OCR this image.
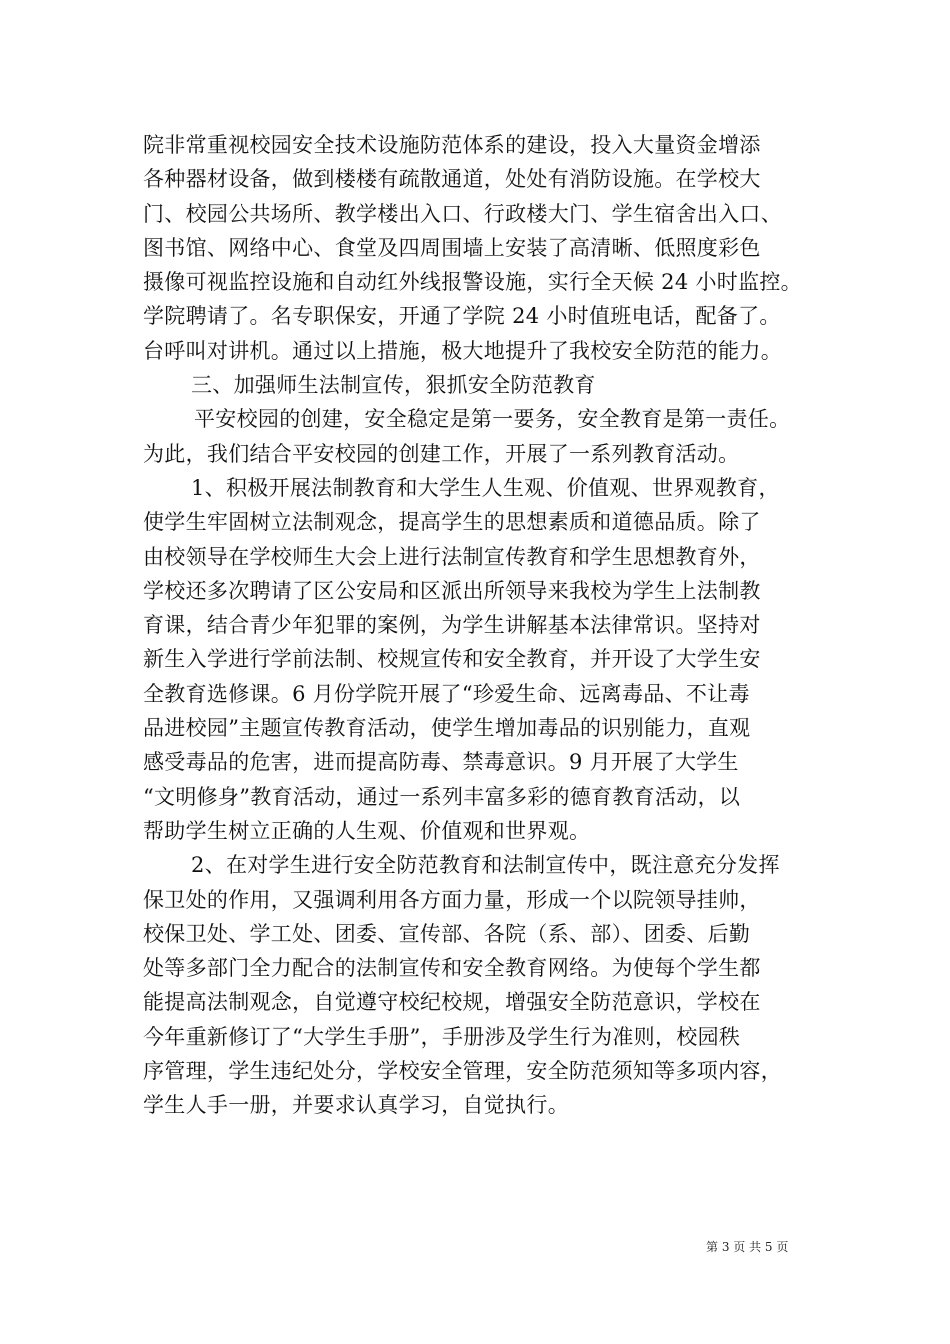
院非常重视校园安全技术设施防范体系的建设，投入大量资金增添
各种器材设备，做到楼楼有疏散通道，处处有消防设施。在学校大
门、校园公共场所、教学楼出入口、行政楼大门、学生宿舍出入口、
图书馆、网络中心、食堂及四周围墙上安装了高清晰、低照度彩色
摄像可视监控设施和自动红外线报警设施，实行全天候 24 小时监控。
学院聘请了。名专职保安，开通了学院 24 小时值班电话，配备了。
台呼叫对讲机。通过以上措施，极大地提升了我校安全防范的能力。
三、加强师生法制宣传，狠抓安全防范教育
平安校园的创建，安全稳定是第一要务，安全教育是第一责任。
为此，我们结合平安校园的创建工作，开展了一系列教育活动。
1、积极开展法制教育和大学生人生观、价值观、世界观教育，
使学生牢固树立法制观念，提高学生的思想素质和道德品质。除了
由校领导在学校师生大会上进行法制宣传教育和学生思想教育外，
学校还多次聘请了区公安局和区派出所领导来我校为学生上法制教
育课，结合青少年犯罪的案例，为学生讲解基本法律常识。坚持对
新生入学进行学前法制、校规宣传和安全教育，并开设了大学生安
全教育选修课。6 月份学院开展了“珍爱生命、远离毒品、不让毒
品进校园”主题宣传教育活动，使学生增加毒品的识别能力，直观
感受毒品的危害，进而提高防毒、禁毒意识。9 月开展了大学生
“文明修身”教育活动，通过一系列丰富多彩的德育教育活动，以
帮助学生树立正确的人生观、价值观和世界观。
2、在对学生进行安全防范教育和法制宣传中，既注意充分发挥
保卫处的作用，又强调利用各方面力量，形成一个以院领导挂帅，
校保卫处、学工处、团委、宣传部、各院（系、部）、团委、后勤
处等多部门全力配合的法制宣传和安全教育网络。为使每个学生都
能提高法制观念，自觉遵守校纪校规，增强安全防范意识，学校在
今年重新修订了“大学生手册”，手册涉及学生行为准则，校园秩
序管理，学生违纪处分，学校安全管理，安全防范须知等多项内容，
学生人手一册，并要求认真学习，自觉执行。
第 3 页 共 5 页
